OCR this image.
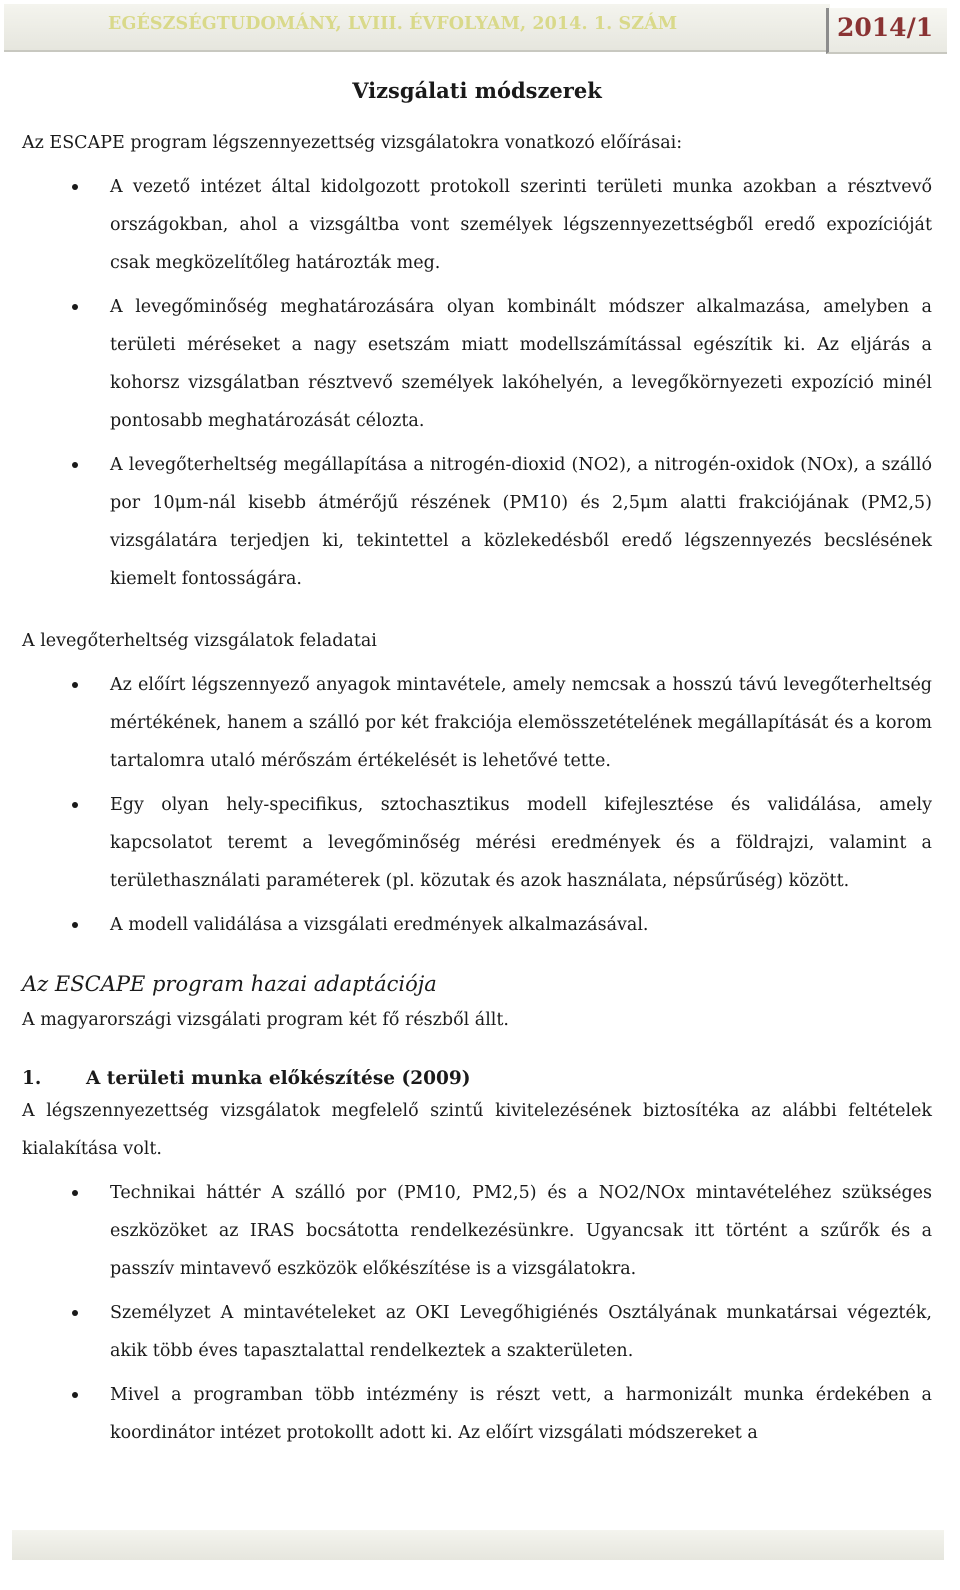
EGÉSZSÉGTUDOMÁNY, LVIII. ÉVFOLYAM, 2014. 1. SZÁM	2014/1
Vizsgálati módszerek
Az ESCAPE program légszennyezettség vizsgálatokra vonatkozó előírásai:
A vezető intézet által kidolgozott protokoll szerinti területi munka azokban a résztvevő országokban, ahol a vizsgáltba vont személyek légszennyezettségből eredő expozícióját csak megközelítőleg határozták meg.
A levegőminőség meghatározására olyan kombinált módszer alkalmazása, amelyben a területi méréseket a nagy esetszám miatt modellszámítással egészítik ki. Az eljárás a kohorsz vizsgálatban résztvevő személyek lakóhelyén, a levegőkörnyezeti expozíció minél pontosabb meghatározását célozta.
A levegőterheltség megállapítása a nitrogén-dioxid (NO2), a nitrogén-oxidok (NOx), a szálló por 10μm-nál kisebb átmérőjű részének (PM10) és 2,5μm alatti frakciójának (PM2,5) vizsgálatára terjedjen ki, tekintettel a közlekedésből eredő légszennyezés becslésének kiemelt fontosságára.
A levegőterheltség vizsgálatok feladatai
Az előírt légszennyező anyagok mintavétele, amely nemcsak a hosszú távú levegőterheltség mértékének, hanem a szálló por két frakciója elemösszetételének megállapítását és a korom tartalomra utaló mérőszám értékelését is lehetővé tette.
Egy olyan hely-specifikus, sztochasztikus modell kifejlesztése és validálása, amely kapcsolatot teremt a levegőminőség mérési eredmények és a földrajzi, valamint a területhasználati paraméterek (pl. közutak és azok használata, népsűrűség) között.
A modell validálása a vizsgálati eredmények alkalmazásával.
Az ESCAPE program hazai adaptációja
A magyarországi vizsgálati program két fő részből állt.
1. A területi munka előkészítése (2009)
A légszennyezettség vizsgálatok megfelelő szintű kivitelezésének biztosítéka az alábbi feltételek kialakítása volt.
Technikai háttér A szálló por (PM10, PM2,5) és a NO2/NOx mintavételéhez szükséges eszközöket az IRAS bocsátotta rendelkezésünkre. Ugyancsak itt történt a szűrők és a passzív mintavevő eszközök előkészítése is a vizsgálatokra.
Személyzet A mintavételeket az OKI Levegőhigiénés Osztályának munkatársai végezték, akik több éves tapasztalattal rendelkeztek a szakterületen.
Mivel a programban több intézmény is részt vett, a harmonizált munka érdekében a koordinátor intézet protokollt adott ki. Az előírt vizsgálati módszereket a
